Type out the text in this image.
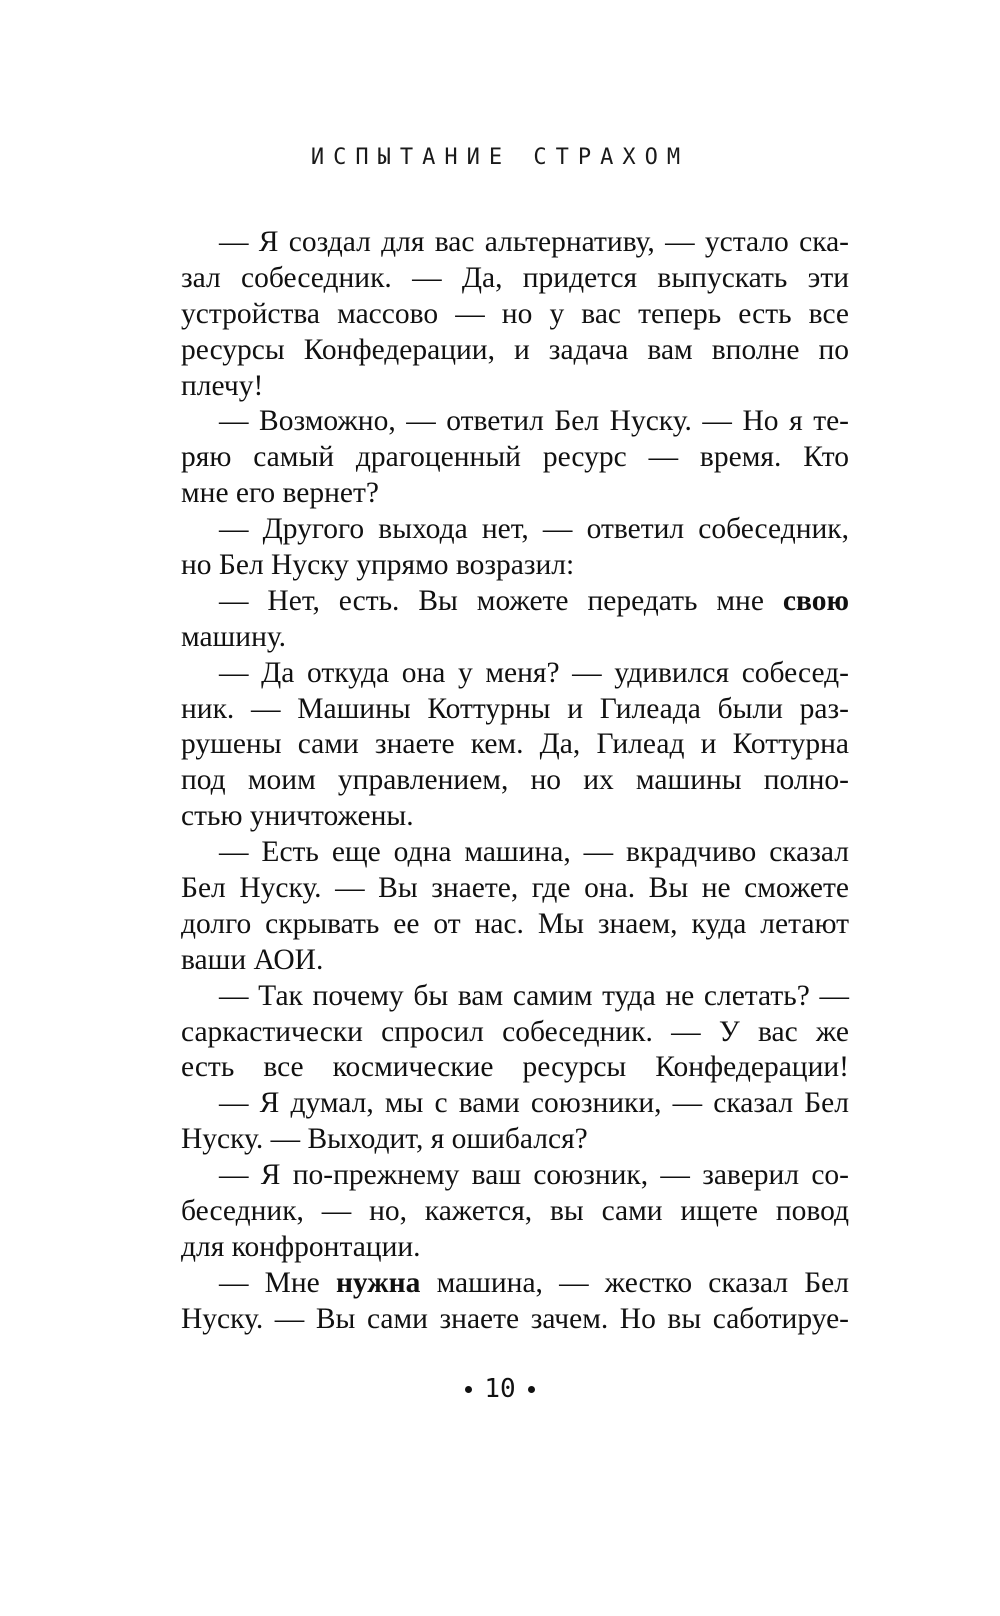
ИСПЫТАНИЕ СТРАХОМ
— Я создал для вас альтернативу, — устало ска-
зал собеседник. — Да, придется выпускать эти
устройства массово — но у вас теперь есть все
ресурсы Конфедерации, и задача вам вполне по
плечу!
— Возможно, — ответил Бел Нуску. — Но я те-
ряю самый драгоценный ресурс — время. Кто
мне его вернет?
— Другого выхода нет, — ответил собеседник,
но Бел Нуску упрямо возразил:
— Нет, есть. Вы можете передать мне свою
машину.
— Да откуда она у меня? — удивился собесед-
ник. — Машины Коттурны и Гилеада были раз-
рушены сами знаете кем. Да, Гилеад и Коттурна
под моим управлением, но их машины полно-
стью уничтожены.
— Есть еще одна машина, — вкрадчиво сказал
Бел Нуску. — Вы знаете, где она. Вы не сможете
долго скрывать ее от нас. Мы знаем, куда летают
ваши АОИ.
— Так почему бы вам самим туда не слетать? —
саркастически спросил собеседник. — У вас же
есть все космические ресурсы Конфедерации!
— Я думал, мы с вами союзники, — сказал Бел
Нуску. — Выходит, я ошибался?
— Я по-прежнему ваш союзник, — заверил со-
беседник, — но, кажется, вы сами ищете повод
для конфронтации.
— Мне нужна машина, — жестко сказал Бел
Нуску. — Вы сами знаете зачем. Но вы саботируе-
10
